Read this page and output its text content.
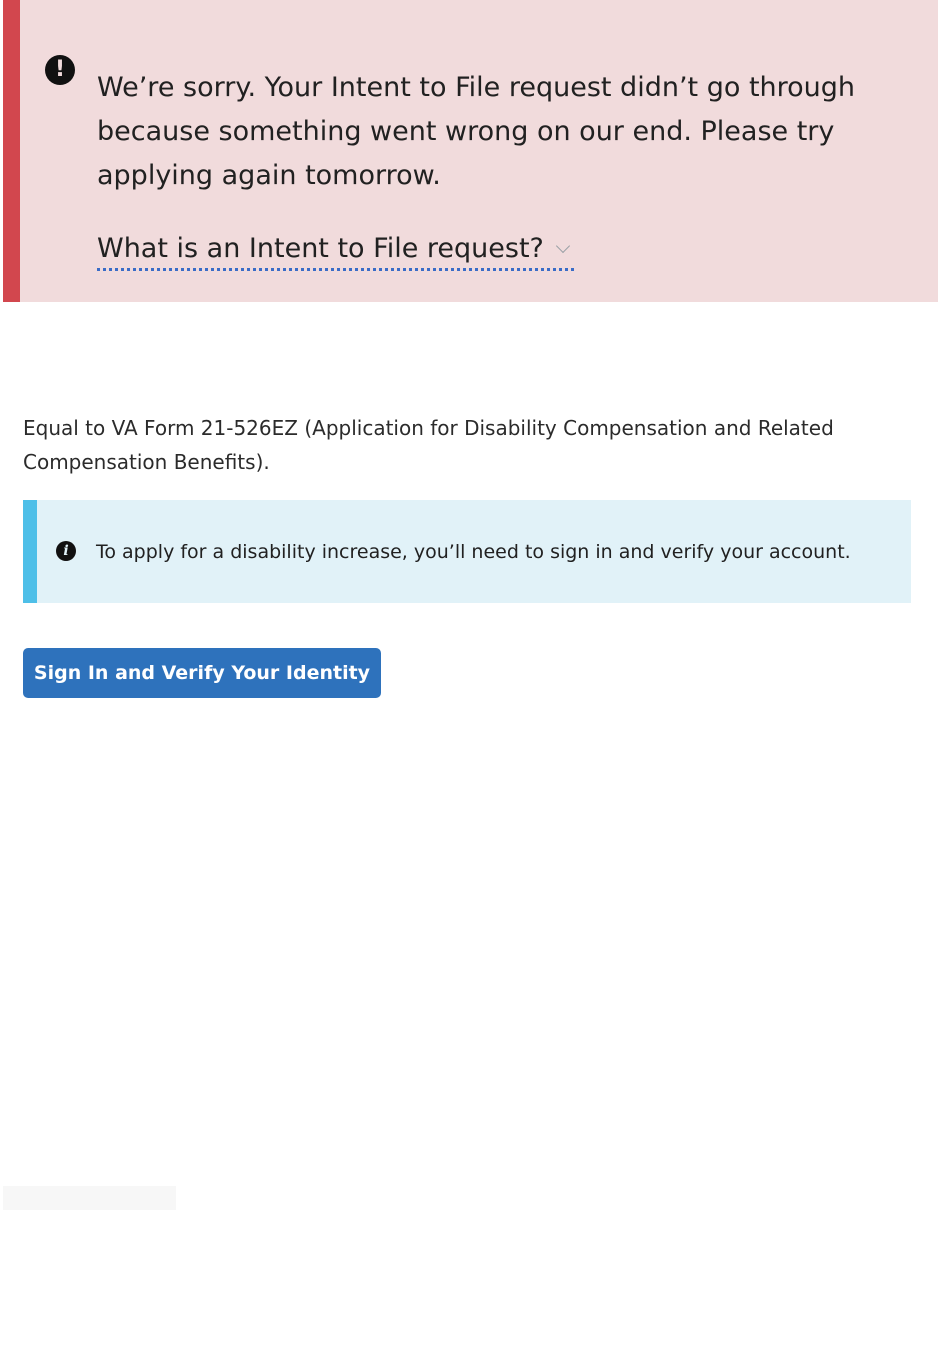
!

We’re sorry. Your Intent to File request didn’t go through because something went wrong on our end. Please try applying again tomorrow.

What is an Intent to File request?

Equal to VA Form 21-526EZ (Application for Disability Compensation and Related Compensation Benefits).

i	To apply for a disability increase, you’ll need to sign in and verify your account.

Sign In and Verify Your Identity
